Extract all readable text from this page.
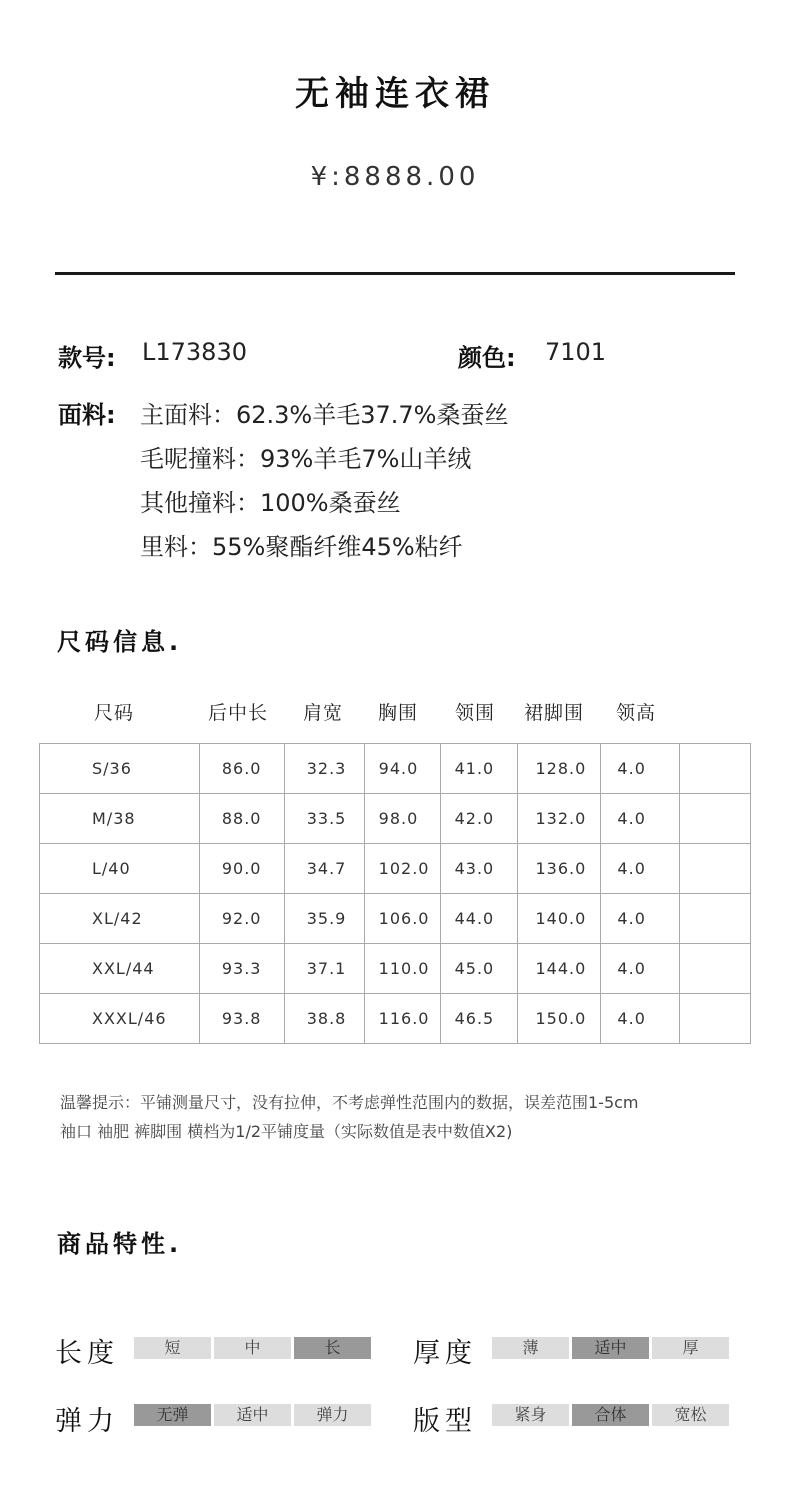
无袖连衣裙
¥:8888.00
款号: L173830	颜色: 7101
面料: 主面料：62.3%羊毛37.7%桑蚕丝
毛呢撞料：93%羊毛7%山羊绒
其他撞料：100%桑蚕丝
里料：55%聚酯纤维45%粘纤
尺码信息.
尺码	后中长 肩宽 胸围 领围 裙脚围 领高
S/36	86.0	32.3	94.0	41.0	128.0	4.0	
M/38	88.0	33.5	98.0	42.0	132.0	4.0	
L/40	90.0	34.7	102.0	43.0	136.0	4.0	
XL/42	92.0	35.9	106.0	44.0	140.0	4.0	
XXL/44	93.3	37.1	110.0	45.0	144.0	4.0	
XXXL/46	93.8	38.8	116.0	46.5	150.0	4.0	
温馨提示：平铺测量尺寸，没有拉伸，不考虑弹性范围内的数据，误差范围1-5cm
袖口 袖肥 裤脚围 横档为1/2平铺度量（实际数值是表中数值X2)
商品特性.
长度	短	中	长	厚度	薄	适中	厚
弹力	无弹	适中	弹力	版型	紧身	合体	宽松
